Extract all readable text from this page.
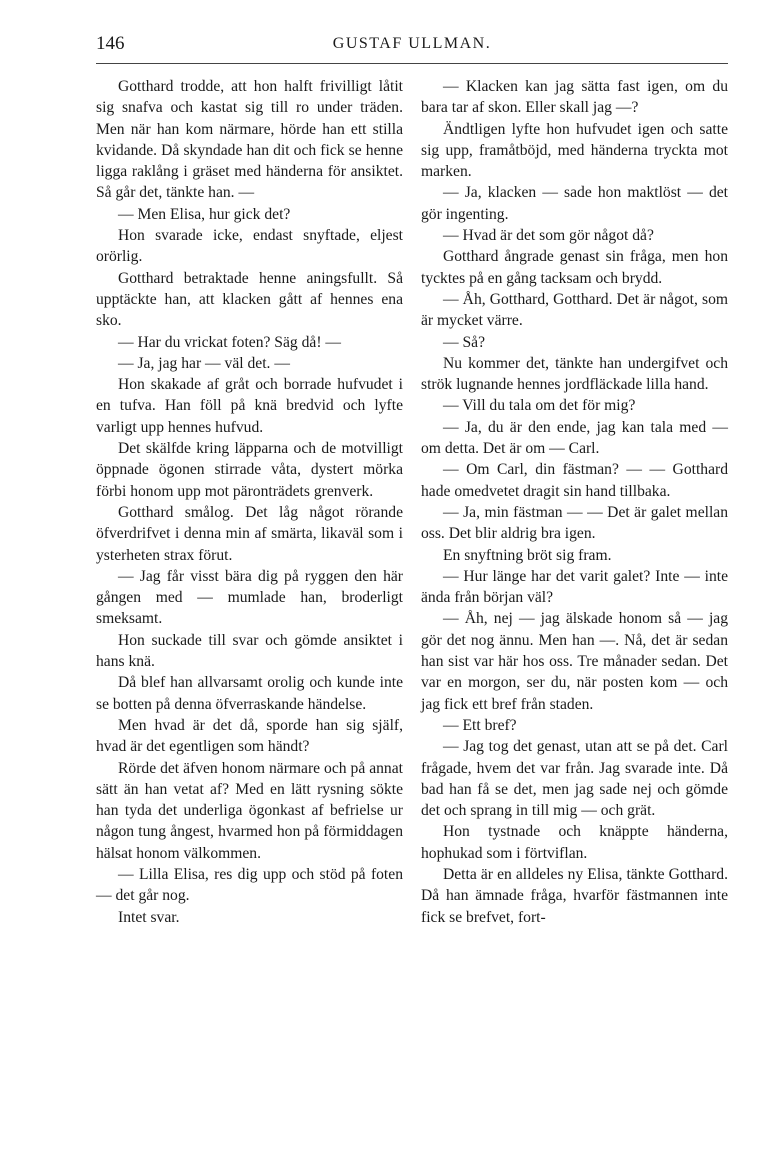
146	GUSTAF ULLMAN.

Gotthard trodde, att hon halft frivilligt låtit sig snafva och kastat sig till ro under träden. Men när han kom närmare, hörde han ett stilla kvidande. Då skyndade han dit och fick se henne ligga raklång i gräset med händerna för ansiktet. Så går det, tänkte han. —

— Men Elisa, hur gick det?

Hon svarade icke, endast snyftade, eljest orörlig.

Gotthard betraktade henne aningsfullt. Så upptäckte han, att klacken gått af hennes ena sko.

— Har du vrickat foten? Säg då! —

— Ja, jag har — väl det. —

Hon skakade af gråt och borrade hufvudet i en tufva. Han föll på knä bredvid och lyfte varligt upp hennes hufvud.

Det skälfde kring läpparna och de motvilligt öppnade ögonen stirrade våta, dystert mörka förbi honom upp mot päronträdets grenverk.

Gotthard smålog. Det låg något rörande öfverdrifvet i denna min af smärta, likaväl som i ysterheten strax förut.

— Jag får visst bära dig på ryggen den här gången med — mumlade han, broderligt smeksamt.

Hon suckade till svar och gömde ansiktet i hans knä.

Då blef han allvarsamt orolig och kunde inte se botten på denna öfverraskande händelse.

Men hvad är det då, sporde han sig själf, hvad är det egentligen som händt?

Rörde det äfven honom närmare och på annat sätt än han vetat af? Med en lätt rysning sökte han tyda det underliga ögonkast af befrielse ur någon tung ångest, hvarmed hon på förmiddagen hälsat honom välkommen.

— Lilla Elisa, res dig upp och stöd på foten — det går nog.

Intet svar.

— Klacken kan jag sätta fast igen, om du bara tar af skon. Eller skall jag —?

Ändtligen lyfte hon hufvudet igen och satte sig upp, framåtböjd, med händerna tryckta mot marken.

— Ja, klacken — sade hon maktlöst — det gör ingenting.

— Hvad är det som gör något då?

Gotthard ångrade genast sin fråga, men hon tycktes på en gång tacksam och brydd.

— Åh, Gotthard, Gotthard. Det är något, som är mycket värre.

— Så?

Nu kommer det, tänkte han undergifvet och strök lugnande hennes jordfläckade lilla hand.

— Vill du tala om det för mig?

— Ja, du är den ende, jag kan tala med — om detta. Det är om — Carl.

— Om Carl, din fästman? — — Gotthard hade omedvetet dragit sin hand tillbaka.

— Ja, min fästman — — Det är galet mellan oss. Det blir aldrig bra igen.

En snyftning bröt sig fram.

— Hur länge har det varit galet? Inte — inte ända från början väl?

— Åh, nej — jag älskade honom så — jag gör det nog ännu. Men han —. Nå, det är sedan han sist var här hos oss. Tre månader sedan. Det var en morgon, ser du, när posten kom — och jag fick ett bref från staden.

— Ett bref?

— Jag tog det genast, utan att se på det. Carl frågade, hvem det var från. Jag svarade inte. Då bad han få se det, men jag sade nej och gömde det och sprang in till mig — och grät.

Hon tystnade och knäppte händerna, hophukad som i förtviflan.

Detta är en alldeles ny Elisa, tänkte Gotthard. Då han ämnade fråga, hvarför fästmannen inte fick se brefvet, fort-
